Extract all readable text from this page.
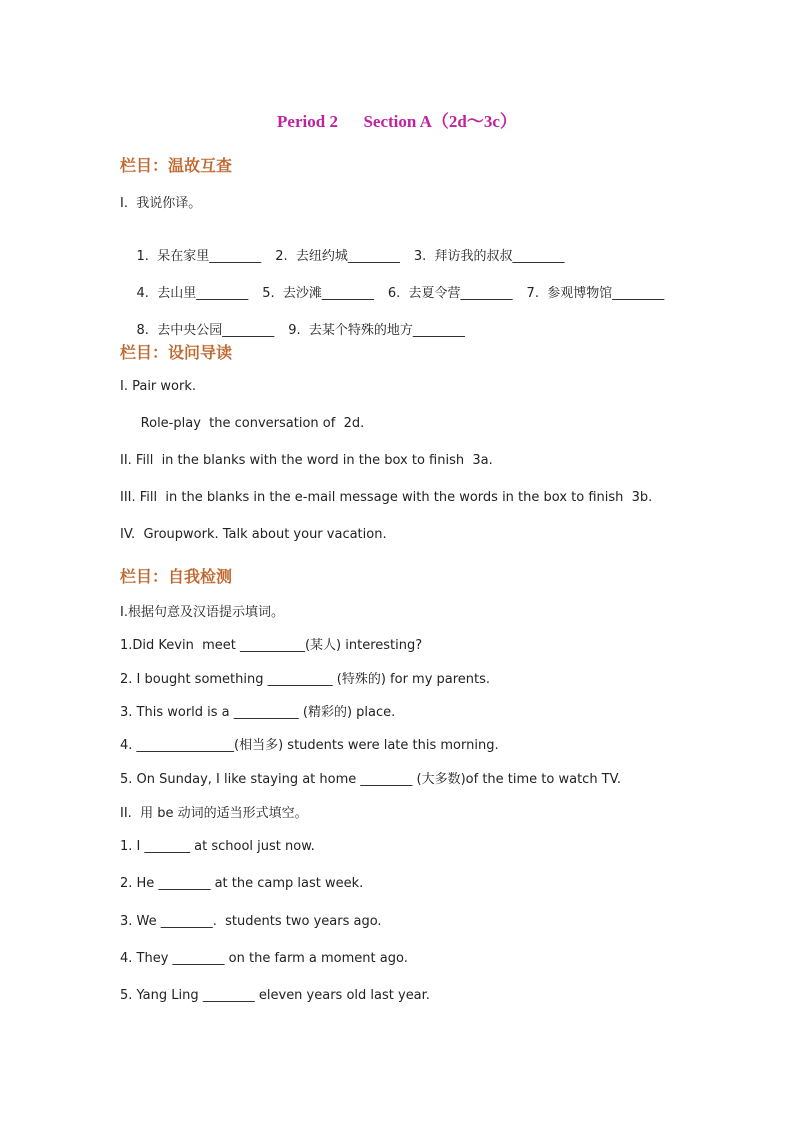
Period 2      Section A（2d～3c）
栏目：温故互查
I.  我说你译。

1.  呆在家里________ 2.  去纽约城________ 3.  拜访我的叔叔________

4.  去山里________ 5.  去沙滩________ 6.  去夏令营________ 7.  参观博物馆________

8.  去中央公园________ 9.  去某个特殊的地方________

栏目：设问导读
Ⅰ. Pair work.
Role-play  the conversation of  2d.
II. Fill  in the blanks with the word in the box to finish  3a.
III. Fill  in the blanks in the e-mail message with the words in the box to finish  3b.
IV.  Groupwork. Talk about your vacation.
栏目：自我检测
I.根据句意及汉语提示填词。
1.Did Kevin  meet __________(某人) interesting?
2. I bought something __________ (特殊的) for my parents.
3. This world is a __________ (精彩的) place.
4. _______________(相当多) students were late this morning.
5. On Sunday, I like staying at home ________ (大多数)of the time to watch TV.
II.  用 be 动词的适当形式填空。
1. I _______ at school just now.
2. He ________ at the camp last week.
3. We ________.  students two years ago.
4. They ________ on the farm a moment ago.
5. Yang Ling ________ eleven years old last year.
